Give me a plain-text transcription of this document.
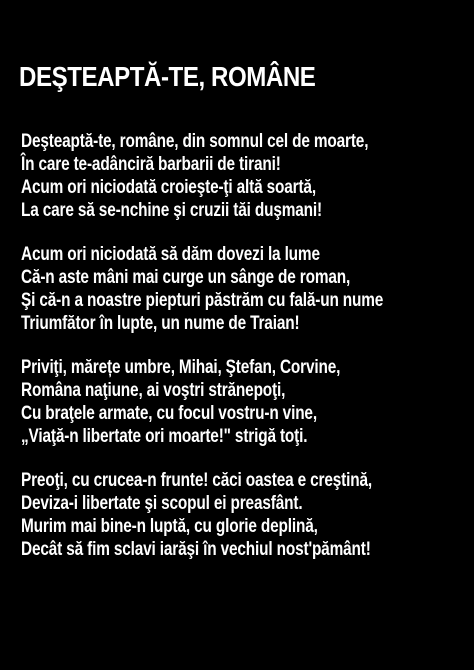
DEŞTEAPTĂ-TE, ROMÂNE
Deşteaptă-te, române, din somnul cel de moarte,
În care te-adânciră barbarii de tirani!
Acum ori niciodată croieşte-ţi altă soartă,
La care să se-nchine şi cruzii tăi duşmani!
Acum ori niciodată să dăm dovezi la lume
Că-n aste mâni mai curge un sânge de roman,
Şi că-n a noastre piepturi păstrăm cu fală-un nume
Triumfător în lupte, un nume de Traian!
Priviţi, mărețe umbre, Mihai, Ştefan, Corvine,
Româna naţiune, ai voştri strănepoţi,
Cu braţele armate, cu focul vostru-n vine,
„Viaţă-n libertate ori moarte!" strigă toţi.
Preoţi, cu crucea-n frunte! căci oastea e creştină,
Deviza-i libertate şi scopul ei preasfânt.
Murim mai bine-n luptă, cu glorie deplină,
Decât să fim sclavi iarăşi în vechiul nost'pământ!
